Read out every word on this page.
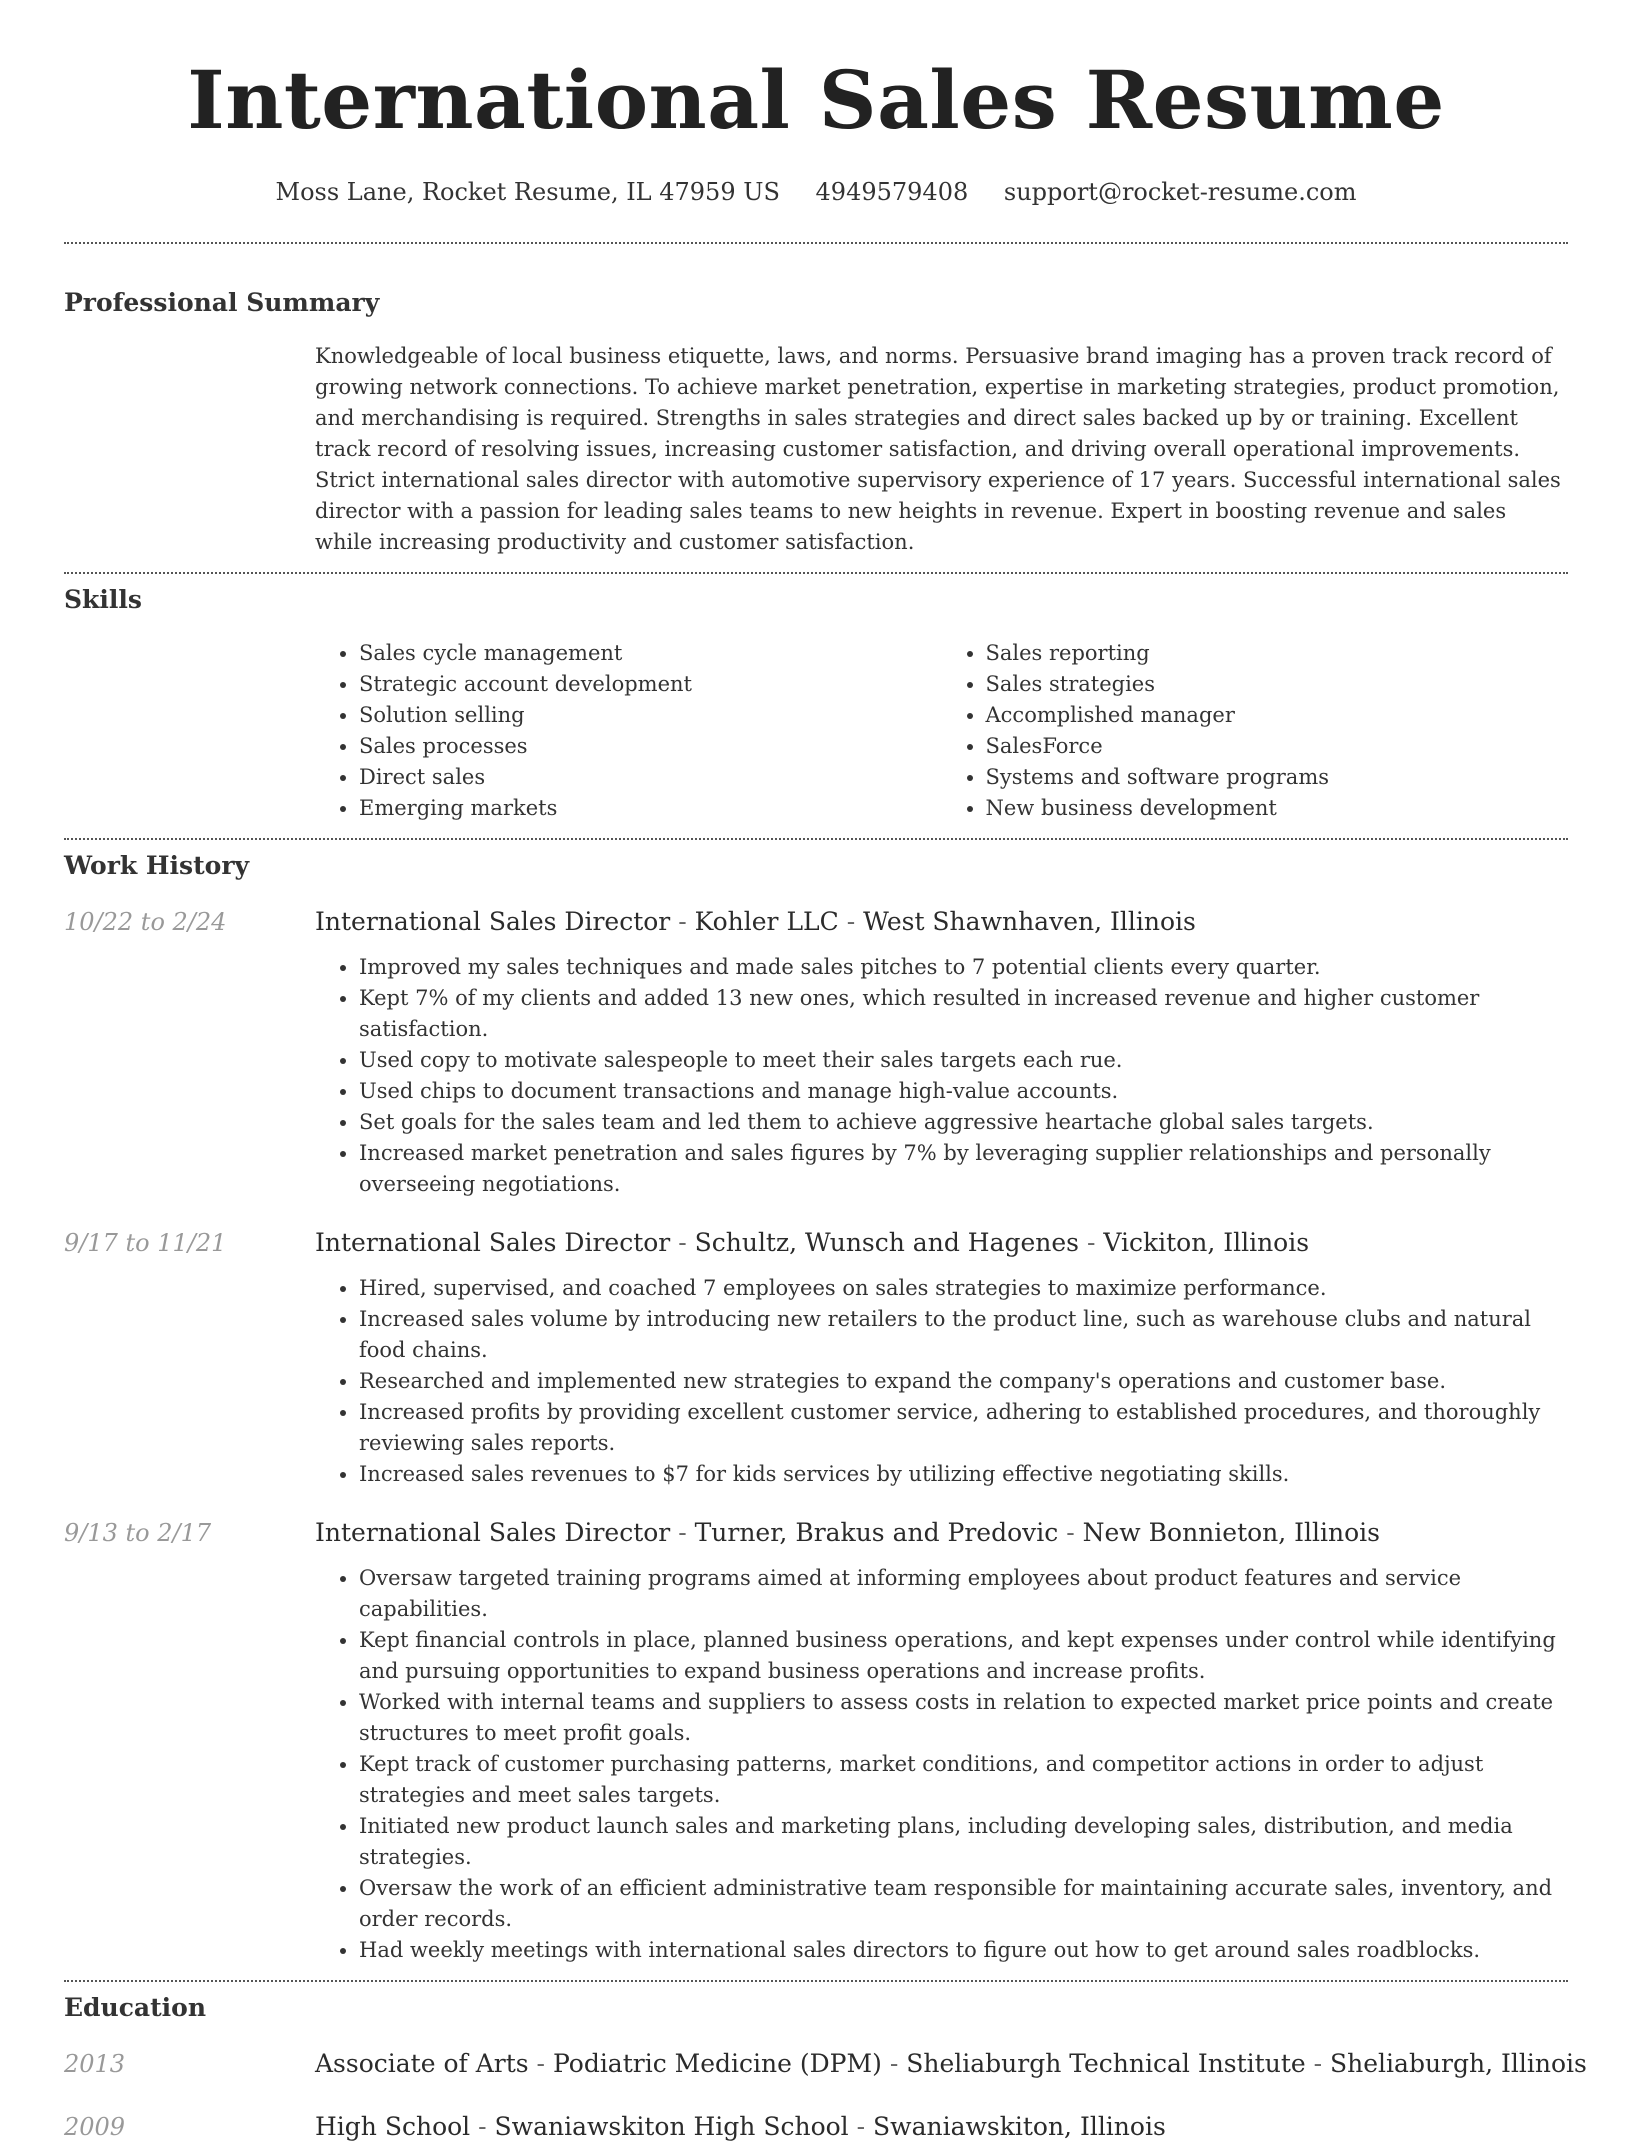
International Sales Resume
Moss Lane, Rocket Resume, IL 47959 US 4949579408 support@rocket-resume.com
Professional Summary

Knowledgeable of local business etiquette, laws, and norms. Persuasive brand imaging has a proven track record of growing network connections. To achieve market penetration, expertise in marketing strategies, product promotion, and merchandising is required. Strengths in sales strategies and direct sales backed up by or training. Excellent track record of resolving issues, increasing customer satisfaction, and driving overall operational improvements. Strict international sales director with automotive supervisory experience of 17 years. Successful international sales director with a passion for leading sales teams to new heights in revenue. Expert in boosting revenue and sales while increasing productivity and customer satisfaction.

Skills
• Sales cycle management
• Strategic account development
• Solution selling
• Sales processes
• Direct sales
• Emerging markets
• Sales reporting
• Sales strategies
• Accomplished manager
• SalesForce
• Systems and software programs
• New business development
Work History
10/22 to 2/24	International Sales Director - Kohler LLC - West Shawnhaven, Illinois
• Improved my sales techniques and made sales pitches to 7 potential clients every quarter.
• Kept 7% of my clients and added 13 new ones, which resulted in increased revenue and higher customer satisfaction.
• Used copy to motivate salespeople to meet their sales targets each rue.
• Used chips to document transactions and manage high-value accounts.
• Set goals for the sales team and led them to achieve aggressive heartache global sales targets.
• Increased market penetration and sales figures by 7% by leveraging supplier relationships and personally overseeing negotiations.
9/17 to 11/21	International Sales Director - Schultz, Wunsch and Hagenes - Vickiton, Illinois
• Hired, supervised, and coached 7 employees on sales strategies to maximize performance.
• Increased sales volume by introducing new retailers to the product line, such as warehouse clubs and natural food chains.
• Researched and implemented new strategies to expand the company's operations and customer base.
• Increased profits by providing excellent customer service, adhering to established procedures, and thoroughly reviewing sales reports.
• Increased sales revenues to $7 for kids services by utilizing effective negotiating skills.
9/13 to 2/17	International Sales Director - Turner, Brakus and Predovic - New Bonnieton, Illinois
• Oversaw targeted training programs aimed at informing employees about product features and service capabilities.
• Kept financial controls in place, planned business operations, and kept expenses under control while identifying and pursuing opportunities to expand business operations and increase profits.
• Worked with internal teams and suppliers to assess costs in relation to expected market price points and create structures to meet profit goals.
• Kept track of customer purchasing patterns, market conditions, and competitor actions in order to adjust strategies and meet sales targets.
• Initiated new product launch sales and marketing plans, including developing sales, distribution, and media strategies.
• Oversaw the work of an efficient administrative team responsible for maintaining accurate sales, inventory, and order records.
• Had weekly meetings with international sales directors to figure out how to get around sales roadblocks.
Education
2013	Associate of Arts - Podiatric Medicine (DPM) - Sheliaburgh Technical Institute - Sheliaburgh, Illinois
2009	High School - Swaniawskiton High School - Swaniawskiton, Illinois
